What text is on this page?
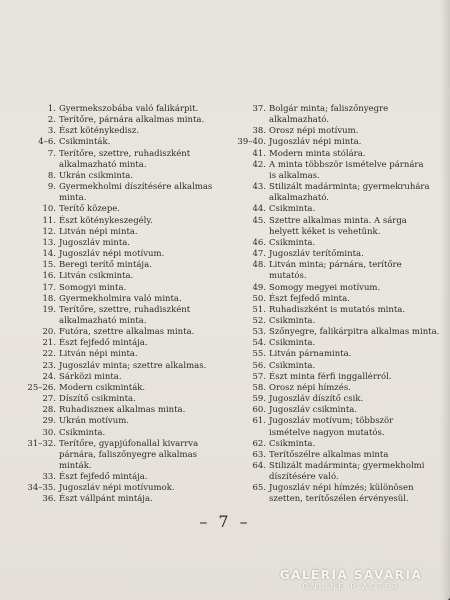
1. Gyermekszobába való falikárpit.
2. Terítőre, párnára alkalmas minta.
3. Észt köténykedisz.
4–6. Csikminták.
7. Terítőre, szettre, ruhadiszként
alkalmazható minta.
8. Ukrán csikminta.
9. Gyermekholmi díszítésére alkalmas
minta.
10. Terítő közepe.
11. Észt köténykeszegély.
12. Litván népi minta.
13. Jugoszláv minta.
14. Jugoszláv népi motívum.
15. Beregi terítő mintája.
16. Litván csikminta.
17. Somogyi minta.
18. Gyermekholmira való minta.
19. Terítőre, szettre, ruhadiszként
alkalmazható minta.
20. Futóra, szettre alkalmas minta.
21. Észt fejfedő mintája.
22. Litván népi minta.
23. Jugoszláv minta; szettre alkalmas.
24. Sárközi minta.
25–26. Modern csikminták.
27. Díszítő csikminta.
28. Ruhadiszneк alkalmas minta.
29. Ukrán motívum.
30. Csikminta.
31–32. Terítőre, gyapjúfonallal kivarrva
párnára, faliszőnyegre alkalmas
minták.
33. Észt fejfedő mintája.
34–35. Jugoszláv népi motívumok.
36. Észt vállpánt mintája.
37. Bolgár minta; faliszőnyegre
alkalmazható.
38. Orosz népi motívum.
39–40. Jugoszláv népi minta.
41. Modern minta stólára.
42. A minta többször ismételve párnára
is alkalmas.
43. Stilizált madárminta; gyermekruhára
alkalmazható.
44. Csikminta.
45. Szettre alkalmas minta. A sárga
helyett kéket is vehetünk.
46. Csikminta.
47. Jugoszláv terítőminta.
48. Litván minta; párnára, terítőre
mutatós.
49. Somogy megyei motívum.
50. Észt fejfedő minta.
51. Ruhadiszként is mutatós minta.
52. Csikminta.
53. Szőnyegre, falikárpitra alkalmas minta.
54. Csikminta.
55. Litván párnaminta.
56. Csikminta.
57. Észt minta férfi inggallérról.
58. Orosz népi hímzés.
59. Jugoszláv díszítő csik.
60. Jugoszláv csikminta.
61. Jugoszláv motívum; többször
ismételve nagyon mutatós.
62. Csikminta.
63. Terítőszélre alkalmas minta
64. Stilizált madárminta; gyermekholmi
díszítésére való.
65. Jugoszláv népi hímzés; különösen
szetten, terítőszélen érvényesül.
– 7 –
GALÉRIA SAVARIA
ONLINE PIACTÉR
